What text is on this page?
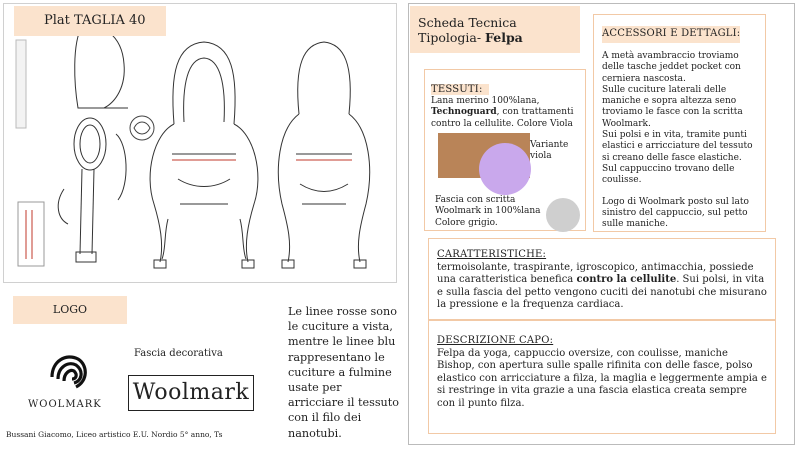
Plat TAGLIA 40
LOGO
WOOLMARK
Fascia decorativa
Woolmark
Bussani Giacomo, Liceo artistico E.U. Nordio 5° anno, Ts
Le linee rosse sono le cuciture a vista, mentre le linee blu rappresentano le cuciture a fulmine usate per arricciare il tessuto con il filo dei nanotubi.
Scheda Tecnica
Tipologia- Felpa	ACCESSORI E DETTAGLI:
A metà avambraccio troviamo delle tasche jeddet pocket con cerniera nascosta.
Sulle cuciture laterali delle maniche e sopra altezza seno troviamo le fasce con la scritta Woolmark.
Sui polsi e in vita, tramite punti elastici e arricciature del tessuto si creano delle fasce elastiche.
Sul cappuccino trovano delle coulisse.
Logo di Woolmark posto sul lato sinistro del cappuccio, sul petto sulle maniche.
TESSUTI:
Lana merino 100%lana,
Technoguard, con trattamenti contro la cellulite. Colore Viola
Variante viola
Fascia con scritta Woolmark in 100%lana Colore grigio.
CARATTERISTICHE:
termoisolante, traspirante, igroscopico, antimacchia, possiede una caratteristica benefica contro la cellulite. Sui polsi, in vita e sulla fascia del petto vengono cuciti dei nanotubi che misurano la pressione e la frequenza cardiaca.
DESCRIZIONE CAPO:
Felpa da yoga, cappuccio oversize, con coulisse, maniche Bishop, con apertura sulle spalle rifinita con delle fasce, polso elastico con arricciature a filza, la maglia e leggermente ampia e si restringe in vita grazie a una fascia elastica creata sempre con il punto filza.
